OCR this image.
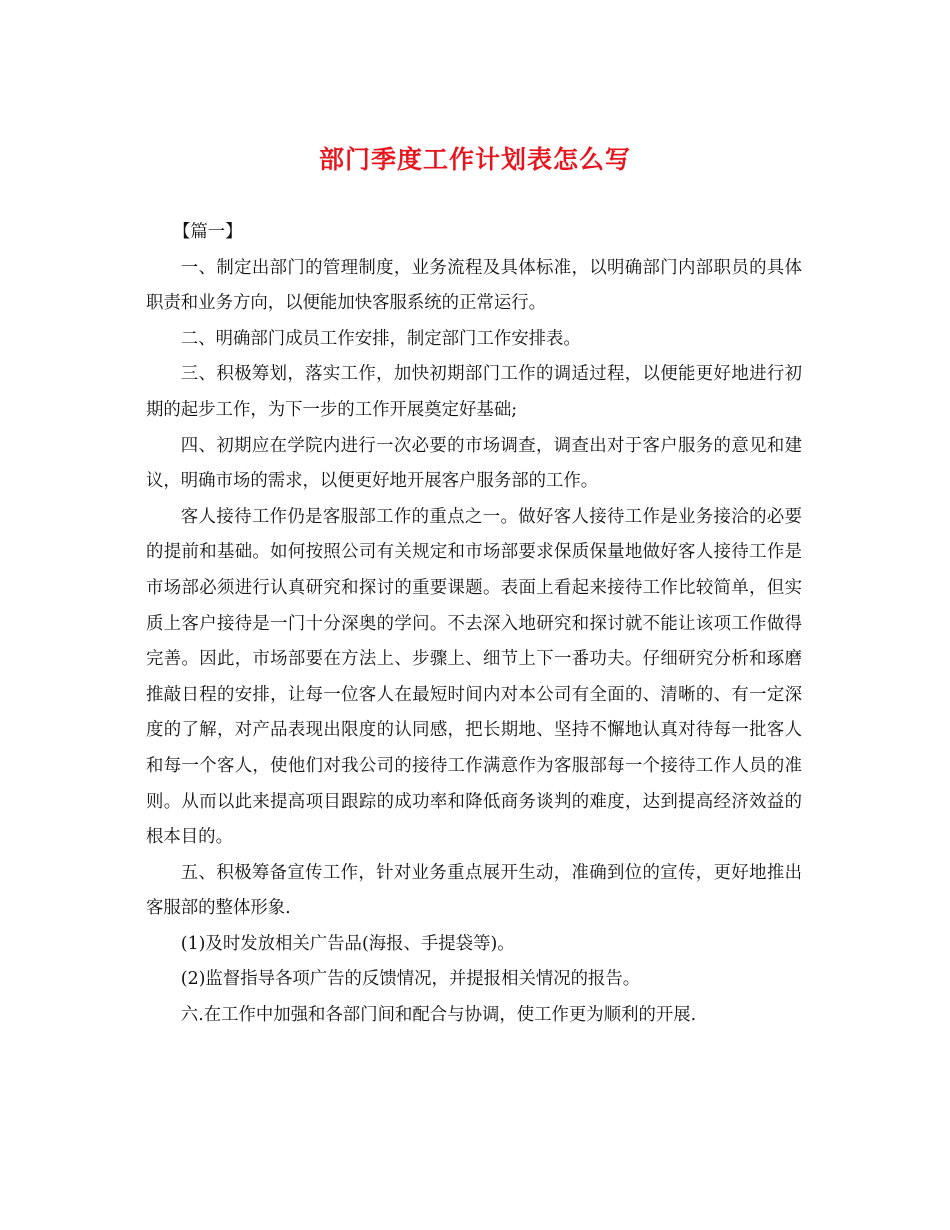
部门季度工作计划表怎么写

【篇一】

一、制定出部门的管理制度，业务流程及具体标准，以明确部门内部职员的具体职责和业务方向，以便能加快客服系统的正常运行。

二、明确部门成员工作安排，制定部门工作安排表。

三、积极筹划，落实工作，加快初期部门工作的调适过程，以便能更好地进行初期的起步工作，为下一步的工作开展奠定好基础;

四、初期应在学院内进行一次必要的市场调查，调查出对于客户服务的意见和建议，明确市场的需求，以便更好地开展客户服务部的工作。

客人接待工作仍是客服部工作的重点之一。做好客人接待工作是业务接洽的必要的提前和基础。如何按照公司有关规定和市场部要求保质保量地做好客人接待工作是市场部必须进行认真研究和探讨的重要课题。表面上看起来接待工作比较简单，但实质上客户接待是一门十分深奥的学问。不去深入地研究和探讨就不能让该项工作做得完善。因此，市场部要在方法上、步骤上、细节上下一番功夫。仔细研究分析和琢磨推敲日程的安排，让每一位客人在最短时间内对本公司有全面的、清晰的、有一定深度的了解，对产品表现出限度的认同感，把长期地、坚持不懈地认真对待每一批客人和每一个客人，使他们对我公司的接待工作满意作为客服部每一个接待工作人员的准则。从而以此来提高项目跟踪的成功率和降低商务谈判的难度，达到提高经济效益的根本目的。

五、积极筹备宣传工作，针对业务重点展开生动，准确到位的宣传，更好地推出客服部的整体形象.

(1)及时发放相关广告品(海报、手提袋等)。

(2)监督指导各项广告的反馈情况，并提报相关情况的报告。

六.在工作中加强和各部门间和配合与协调，使工作更为顺利的开展.
